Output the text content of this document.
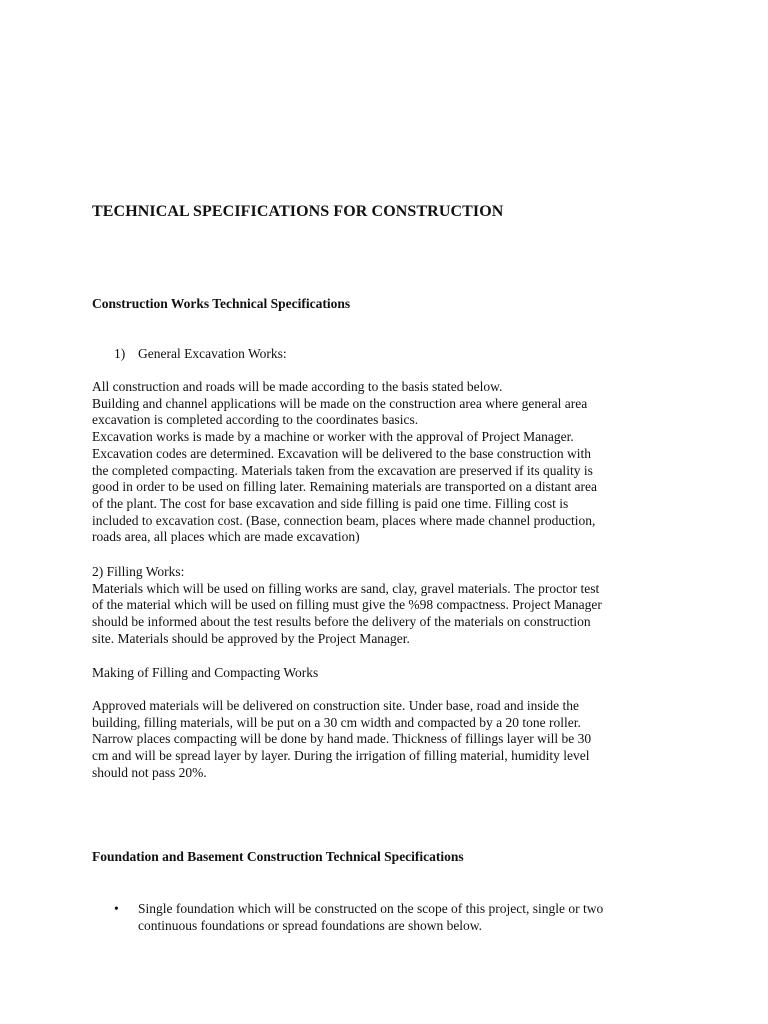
TECHNICAL SPECIFICATIONS FOR CONSTRUCTION
Construction Works Technical Specifications
1) General Excavation Works:
All construction and roads will be made according to the basis stated below.
Building and channel applications will be made on the construction area where general area
excavation is completed according to the coordinates basics.
Excavation works is made by a machine or worker with the approval of Project Manager.
Excavation codes are determined. Excavation will be delivered to the base construction with
the completed compacting. Materials taken from the excavation are preserved if its quality is
good in order to be used on filling later. Remaining materials are transported on a distant area
of the plant. The cost for base excavation and side filling is paid one time. Filling cost is
included to excavation cost. (Base, connection beam, places where made channel production,
roads area, all places which are made excavation)
2) Filling Works:
Materials which will be used on filling works are sand, clay, gravel materials. The proctor test
of the material which will be used on filling must give the %98 compactness. Project Manager
should be informed about the test results before the delivery of the materials on construction
site. Materials should be approved by the Project Manager.
Making of Filling and Compacting Works
Approved materials will be delivered on construction site. Under base, road and inside the
building, filling materials, will be put on a 30 cm width and compacted by a 20 tone roller.
Narrow places compacting will be done by hand made. Thickness of fillings layer will be 30
cm and will be spread layer by layer. During the irrigation of filling material, humidity level
should not pass 20%.
Foundation and Basement Construction Technical Specifications
•	Single foundation which will be constructed on the scope of this project, single or two
continuous foundations or spread foundations are shown below.
